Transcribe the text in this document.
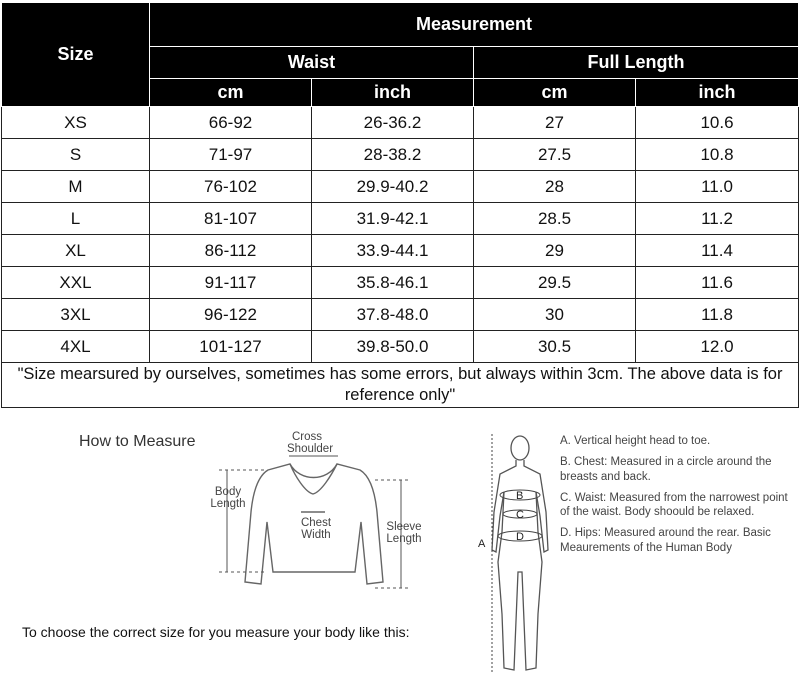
Size	Measurement			
	Waist		Full Length	
	cm	inch	cm	inch
XS	66-92	26-36.2	27	10.6
S	71-97	28-38.2	27.5	10.8
M	76-102	29.9-40.2	28	11.0
L	81-107	31.9-42.1	28.5	11.2
XL	86-112	33.9-44.1	29	11.4
XXL	91-117	35.8-46.1	29.5	11.6
3XL	96-122	37.8-48.0	30	11.8
4XL	101-127	39.8-50.0	30.5	12.0
"Size mearsured by ourselves, sometimes has some errors, but always within 3cm. The above data is for reference only"				
How to Measure
To choose the correct size for you measure your body like this:
Cross Shoulder
Body Length
Chest Width
Sleeve Length	A
B
C
D
A. Vertical height head to toe.
B. Chest: Measured in a circle around the breasts and back.
C. Waist: Measured from the narrowest point of the waist. Body shoould be relaxed.
D. Hips: Measured around the rear. Basic Meaurements of the Human Body
